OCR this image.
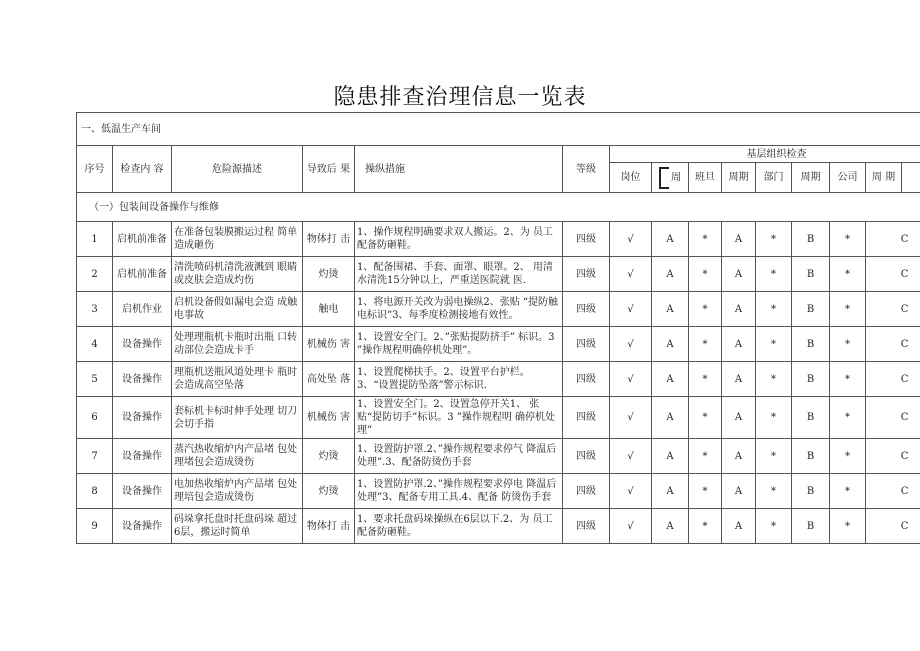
隐患排查治理信息一览表
一、低温生产车间													
序号	检查内 容	危险源描述	导致后 果	操纵措施	等级	基层组织检查							
						岗位	周	班旦	周期	部门	周期	公司	周 期
（一）包装间设备操作与维修													
1	启机前准备	在准备包装膜搬运过程 简单造成砸伤	物体打 击	1、操作规程明确要求双人搬运。2、为 员工配备防砸鞋。	四级	√	A	*	A	*	B	*	C
2	启机前准备	清洗喷码机清洗液溅到 眼睛或皮肤会造成灼伤	灼烫	1、配备围裙、手套、面罩、眼罩。2、 用清水清洗15分钟以上，严重送医院就 医.	四级	√	A	*	A	*	B	*	C
3	启机作业	启机设备假如漏电会造 成触电事故	触电	1、将电源开关改为弱电操纵2、张贴 “提防触电标识”3、每季度检测接地有效性。	四级	√	A	*	A	*	B	*	C
4	设备操作	处理理瓶机卡瓶时出瓶 口转动部位会造成卡手	机械伤 害	1、设置安全门。2、”张贴提防挤手” 标识。3 ”操作规程明确停机处理”。	四级	√	A	*	A	*	B	*	C
5	设备操作	理瓶机送瓶风道处理卡 瓶时会造成高空坠落	高处坠 落	1、设置爬梯扶手。2、设置平台护栏。 3、“设置提防坠落”警示标识.	四级	√	A	*	A	*	B	*	C
6	设备操作	套标机卡标时伸手处理 切刀会切手指	机械伤 害	1、设置安全门。2、设置急停开关1、 张贴“提防切手”标识。3 ”操作规程明 确停机处理”	四级	√	A	*	A	*	B	*	C
7	设备操作	蒸汽热收缩炉内产品堵 包处理堵包会造成烫伤	灼烫	1、设置防护罩.2、”操作规程要求停气 降温后处理”.3、配备防烫伤手套	四级	√	A	*	A	*	B	*	C
8	设备操作	电加热收缩炉内产品堵 包处理培包会造成烫伤	灼烫	1、设置防护罩.2、”操作规程要求停电 降温后处理”3、配备专用工具.4、配备 防烫伤手套	四级	√	A	*	A	*	B	*	C
9	设备操作	码垛拿托盘时托盘码垛 超过6层，搬运时简单	物体打 击	1、要求托盘码垛操纵在6层以下.2、为 员工配备防砸鞋。	四级	√	A	*	A	*	B	*	C
